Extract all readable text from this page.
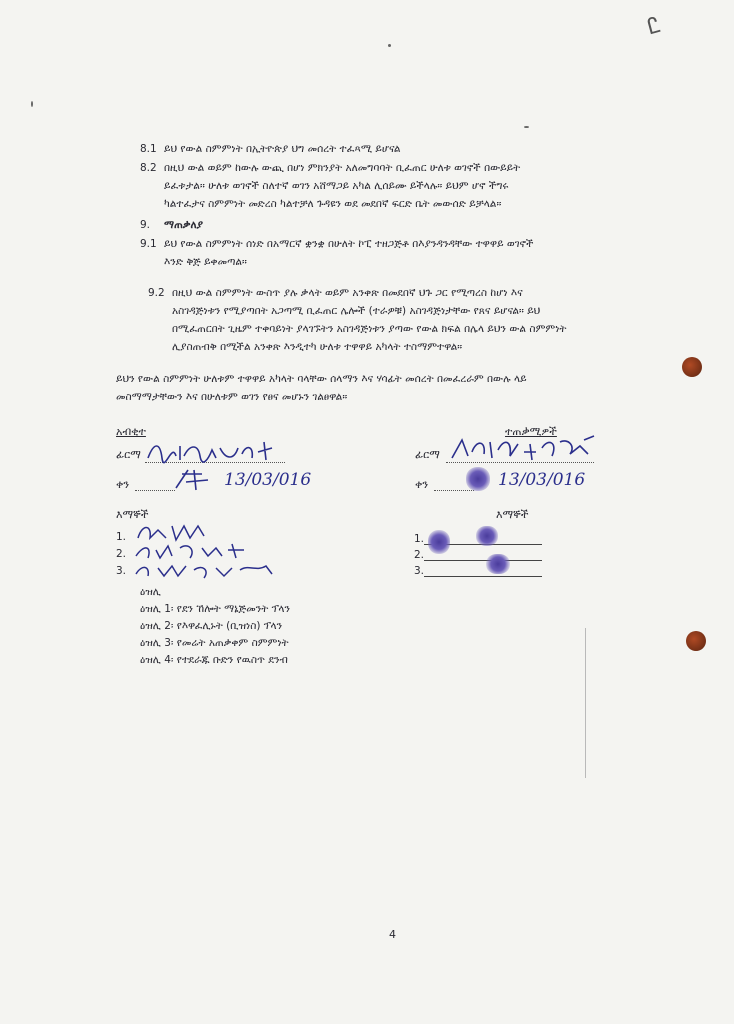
Ꮭ
8.1 ይህ የውል ስምምነት በኢትዮጵያ ህግ መሰረት ተፈጻሚ ይሆናል
8.2 በዚህ ውል ወይም ከውሉ ውጪ በሆነ ምክንያት አለመግባባት ቢፈጠር ሁለቱ ወገኖች በውይይት
ይፈቱታል። ሁለቱ ወገኖች ስለተኛ ወገን አሸማጋይ አካል ሊሰይሙ ይችላሉ። ይህም ሆኖ ችግሩ
ካልተፈታና ስምምነት መድረስ ካልተቻለ ጉዳዩን ወደ መደበኛ ፍርድ ቤት መውሰድ ይቻላል።
9. ማጠቃለያ
9.1 ይህ የውል ስምምነት ሰነድ በአማርኛ ቋንቋ በሁለት ኮፒ ተዘጋጅቶ በእያንዳንዳቸው ተዋዋይ ወገኖች
እንድ ቅጅ ይቀመጣል።
9.2 በዚህ ውል ስምምነት ውስጥ ያሉ ቃላት ወይም አንቀጽ በመደበኛ ህጉ ጋር የሚጣረስ ከሆነ እና
አስገዳጅነቱን የሚያጣበት አጋጣሚ ቢፈጠር ሌሎች (ተራዎቹ) አስገዳጅነታቸው የጸና ይሆናል። ይህ
በሚፈጠርበት ጊዜም ተቀባይነት ያላገኙትን አስገዳጅነቱን ያጣው የውል ክፍል በሌላ ይህን ውል ስምምነት
ሊያስጠብቅ በሚችል አንቀጽ እንዲተካ ሁለቱ ተዋዋይ አካላት ተስማምተዋል።
ይህን የውል ስምምነት ሁለቱም ተዋዋይ አካላት ባላቸው ሰላማን እና ሃሳፊት መሰረት በመፈረራም በውሉ ላይ
መስማማታቸውን እና በሁለቱም ወገን የፀና መሆኑን ገልፀዋል።
አብቂተ
ፊርማ
ቀን	13/03/016
እማኞች
1.
2.
3.
ተጠቃሚዎች
ፊርማ
ቀን	13/03/016
እማኞች
1.
2.
3.
ዕዝሊ
ዕዝሊ 1፡ የደን ኸሎት ማኔጅመንት ፕላን
ዕዝሊ 2፡ የእዋፈሊኑት (ቢዝነስ) ፕላን
ዕዝሊ 3፡ የመሬት አጠቃቀም ስምምነት
ዕዝሊ 4፡ የተደራጁ ቡድን የዉስጥ ደንብ
4
